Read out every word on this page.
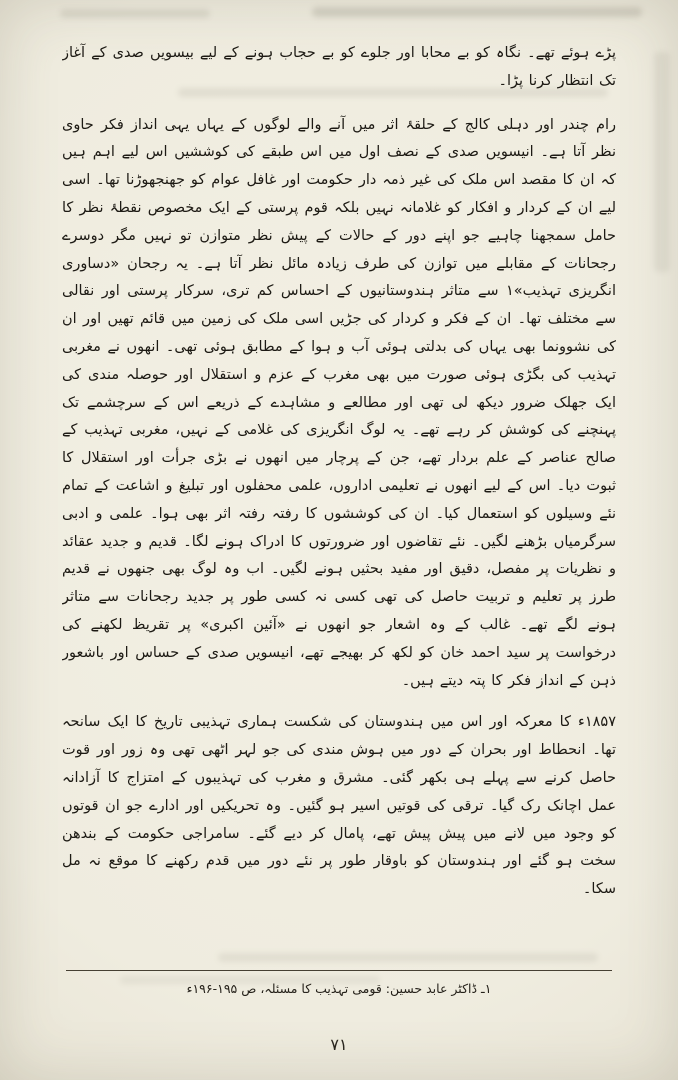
پڑے ہوئے تھے۔ نگاہ کو بے محابا اور جلوے کو بے حجاب ہونے کے لیے بیسویں صدی کے آغاز تک انتظار کرنا پڑا۔

رام چندر اور دہلی کالج کے حلقۂ اثر میں آنے والے لوگوں کے یہاں یہی انداز فکر حاوی نظر آتا ہے۔ انیسویں صدی کے نصف اول میں اس طبقے کی کوششیں اس لیے اہم ہیں کہ ان کا مقصد اس ملک کی غیر ذمہ دار حکومت اور غافل عوام کو جھنجھوڑنا تھا۔ اسی لیے ان کے کردار و افکار کو غلامانہ نہیں بلکہ قوم پرستی کے ایک مخصوص نقطۂ نظر کا حامل سمجھنا چاہیے جو اپنے دور کے حالات کے پیش نظر متوازن تو نہیں مگر دوسرے رجحانات کے مقابلے میں توازن کی طرف زیادہ مائل نظر آتا ہے۔ یہ رجحان «دساوری انگریزی تہذیب»۱ سے متاثر ہندوستانیوں کے احساس کم تری، سرکار پرستی اور نقالی سے مختلف تھا۔ ان کے فکر و کردار کی جڑیں اسی ملک کی زمین میں قائم تھیں اور ان کی نشوونما بھی یہاں کی بدلتی ہوئی آب و ہوا کے مطابق ہوئی تھی۔ انھوں نے مغربی تہذیب کی بگڑی ہوئی صورت میں بھی مغرب کے عزم و استقلال اور حوصلہ مندی کی ایک جھلک ضرور دیکھ لی تھی اور مطالعے و مشاہدے کے ذریعے اس کے سرچشمے تک پہنچنے کی کوشش کر رہے تھے۔ یہ لوگ انگریزی کی غلامی کے نہیں، مغربی تہذیب کے صالح عناصر کے علم بردار تھے، جن کے پرچار میں انھوں نے بڑی جرأت اور استقلال کا ثبوت دیا۔ اس کے لیے انھوں نے تعلیمی اداروں، علمی محفلوں اور تبلیغ و اشاعت کے تمام نئے وسیلوں کو استعمال کیا۔ ان کی کوششوں کا رفتہ رفتہ اثر بھی ہوا۔ علمی و ادبی سرگرمیاں بڑھنے لگیں۔ نئے تقاضوں اور ضرورتوں کا ادراک ہونے لگا۔ قدیم و جدید عقائد و نظریات پر مفصل، دقیق اور مفید بحثیں ہونے لگیں۔ اب وہ لوگ بھی جنھوں نے قدیم طرز پر تعلیم و تربیت حاصل کی تھی کسی نہ کسی طور پر جدید رجحانات سے متاثر ہونے لگے تھے۔ غالب کے وہ اشعار جو انھوں نے «آئین اکبری» پر تقریظ لکھنے کی درخواست پر سید احمد خان کو لکھ کر بھیجے تھے، انیسویں صدی کے حساس اور باشعور ذہن کے انداز فکر کا پتہ دیتے ہیں۔

۱۸۵۷ء کا معرکہ اور اس میں ہندوستان کی شکست ہماری تہذیبی تاریخ کا ایک سانحہ تھا۔ انحطاط اور بحران کے دور میں ہوش مندی کی جو لہر اٹھی تھی وہ زور اور قوت حاصل کرنے سے پہلے ہی بکھر گئی۔ مشرق و مغرب کی تہذیبوں کے امتزاج کا آزادانہ عمل اچانک رک گیا۔ ترقی کی قوتیں اسیر ہو گئیں۔ وہ تحریکیں اور ادارے جو ان قوتوں کو وجود میں لانے میں پیش پیش تھے، پامال کر دیے گئے۔ سامراجی حکومت کے بندھن سخت ہو گئے اور ہندوستان کو باوقار طور پر نئے دور میں قدم رکھنے کا موقع نہ مل سکا۔

۱ـ ڈاکٹر عابد حسین: قومی تہذیب کا مسئلہ، ص ۱۹۵-۱۹۶ء
۷۱
